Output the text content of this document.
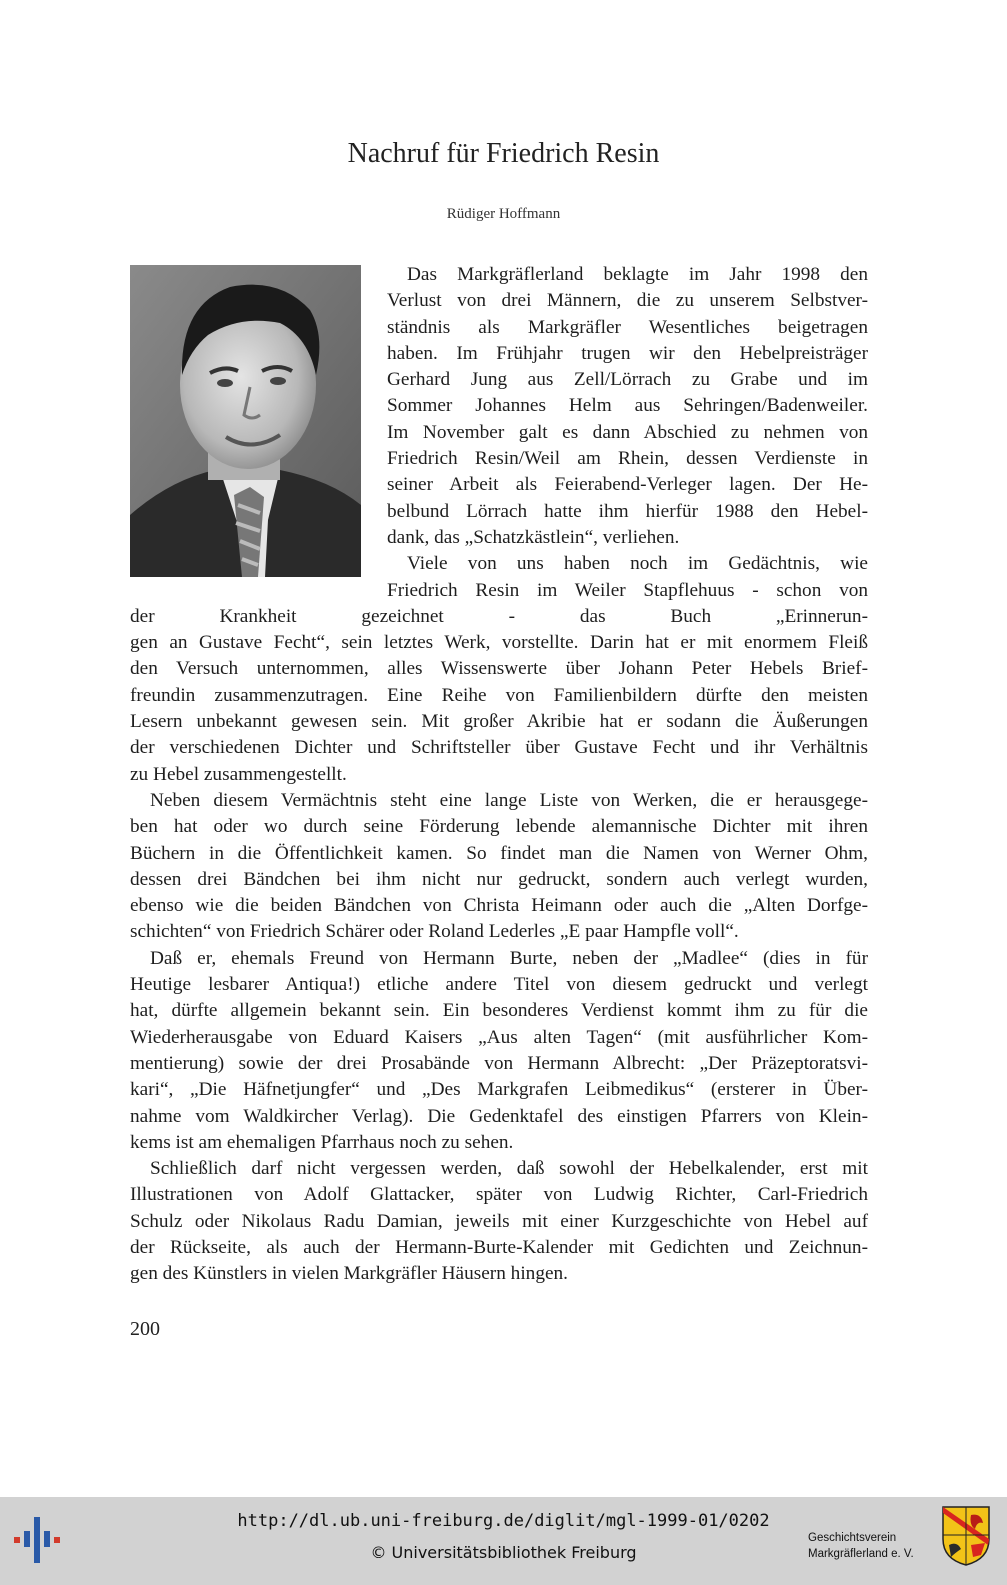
Nachruf für Friedrich Resin
Rüdiger Hoffmann
Das Markgräflerland beklagte im Jahr 1998 den
Verlust von drei Männern, die zu unserem Selbstver-
ständnis als Markgräfler Wesentliches beigetragen
haben. Im Frühjahr trugen wir den Hebelpreisträger
Gerhard Jung aus Zell/Lörrach zu Grabe und im
Sommer Johannes Helm aus Sehringen/Badenweiler.
Im November galt es dann Abschied zu nehmen von
Friedrich Resin/Weil am Rhein, dessen Verdienste in
seiner Arbeit als Feierabend-Verleger lagen. Der He-
belbund Lörrach hatte ihm hierfür 1988 den Hebel-
dank, das „Schatzkästlein“, verliehen.
Viele von uns haben noch im Gedächtnis, wie
Friedrich Resin im Weiler Stapflehuus - schon von
der Krankheit gezeichnet - das Buch „Erinnerun-
gen an Gustave Fecht“, sein letztes Werk, vorstellte. Darin hat er mit enormem Fleiß
den Versuch unternommen, alles Wissenswerte über Johann Peter Hebels Brief-
freundin zusammenzutragen. Eine Reihe von Familienbildern dürfte den meisten
Lesern unbekannt gewesen sein. Mit großer Akribie hat er sodann die Äußerungen
der verschiedenen Dichter und Schriftsteller über Gustave Fecht und ihr Verhältnis
zu Hebel zusammengestellt.
Neben diesem Vermächtnis steht eine lange Liste von Werken, die er herausgege-
ben hat oder wo durch seine Förderung lebende alemannische Dichter mit ihren
Büchern in die Öffentlichkeit kamen. So findet man die Namen von Werner Ohm,
dessen drei Bändchen bei ihm nicht nur gedruckt, sondern auch verlegt wurden,
ebenso wie die beiden Bändchen von Christa Heimann oder auch die „Alten Dorfge-
schichten“ von Friedrich Schärer oder Roland Lederles „E paar Hampfle voll“.
Daß er, ehemals Freund von Hermann Burte, neben der „Madlee“ (dies in für
Heutige lesbarer Antiqua!) etliche andere Titel von diesem gedruckt und verlegt
hat, dürfte allgemein bekannt sein. Ein besonderes Verdienst kommt ihm zu für die
Wiederherausgabe von Eduard Kaisers „Aus alten Tagen“ (mit ausführlicher Kom-
mentierung) sowie der drei Prosabände von Hermann Albrecht: „Der Präzeptoratsvi-
kari“, „Die Häfnetjungfer“ und „Des Markgrafen Leibmedikus“ (ersterer in Über-
nahme vom Waldkircher Verlag). Die Gedenktafel des einstigen Pfarrers von Klein-
kems ist am ehemaligen Pfarrhaus noch zu sehen.
Schließlich darf nicht vergessen werden, daß sowohl der Hebelkalender, erst mit
Illustrationen von Adolf Glattacker, später von Ludwig Richter, Carl-Friedrich
Schulz oder Nikolaus Radu Damian, jeweils mit einer Kurzgeschichte von Hebel auf
der Rückseite, als auch der Hermann-Burte-Kalender mit Gedichten und Zeichnun-
gen des Künstlers in vielen Markgräfler Häusern hingen.
200
http://dl.ub.uni-freiburg.de/diglit/mgl-1999-01/0202
© Universitätsbibliothek Freiburg
Geschichtsverein
Markgräflerland e. V.
